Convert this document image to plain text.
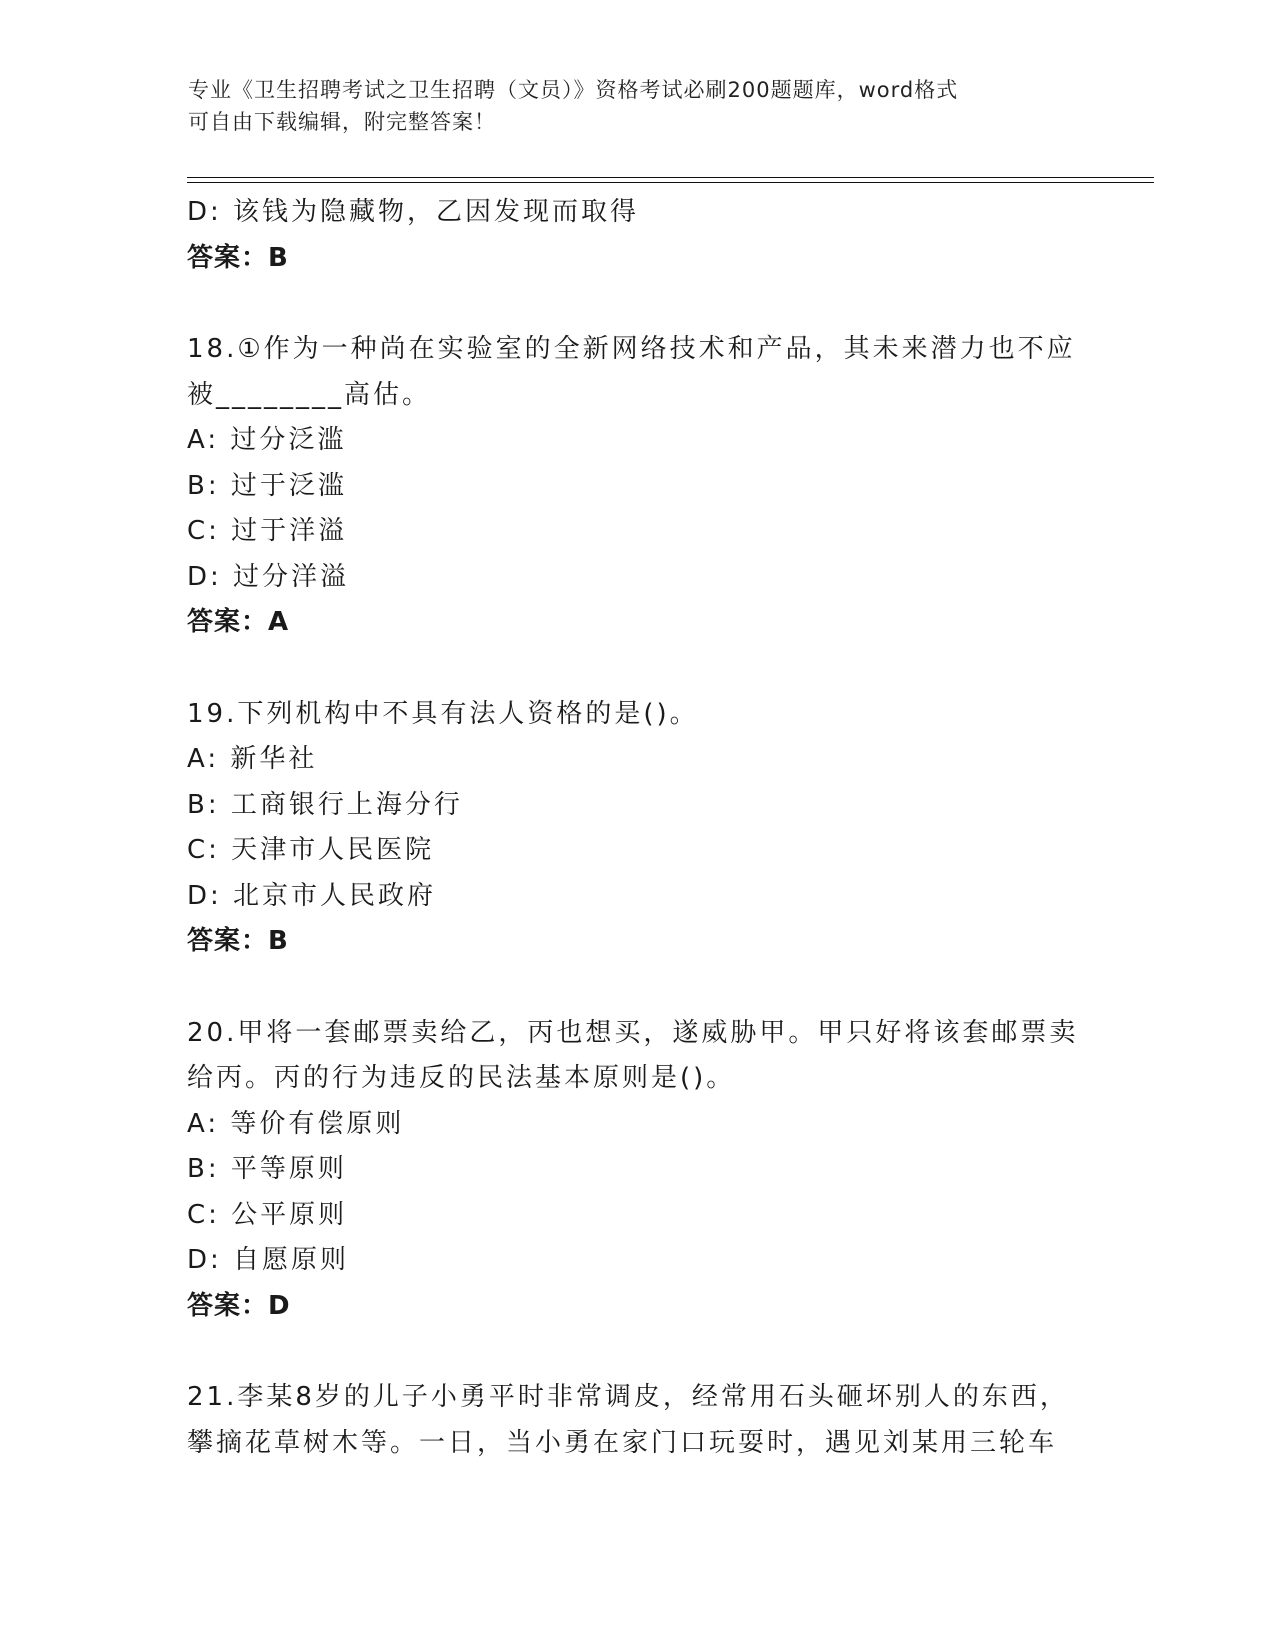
专业《卫生招聘考试之卫生招聘（文员）》资格考试必刷200题题库，word格式
可自由下载编辑，附完整答案！
D: 该钱为隐藏物，乙因发现而取得
答案：B
18.①作为一种尚在实验室的全新网络技术和产品，其未来潜力也不应
被________高估。
A: 过分泛滥
B: 过于泛滥
C: 过于洋溢
D: 过分洋溢
答案：A
19.下列机构中不具有法人资格的是()。
A: 新华社
B: 工商银行上海分行
C: 天津市人民医院
D: 北京市人民政府
答案：B
20.甲将一套邮票卖给乙，丙也想买，遂威胁甲。甲只好将该套邮票卖
给丙。丙的行为违反的民法基本原则是()。
A: 等价有偿原则
B: 平等原则
C: 公平原则
D: 自愿原则
答案：D
21.李某8岁的儿子小勇平时非常调皮，经常用石头砸坏别人的东西，
攀摘花草树木等。一日，当小勇在家门口玩耍时，遇见刘某用三轮车
